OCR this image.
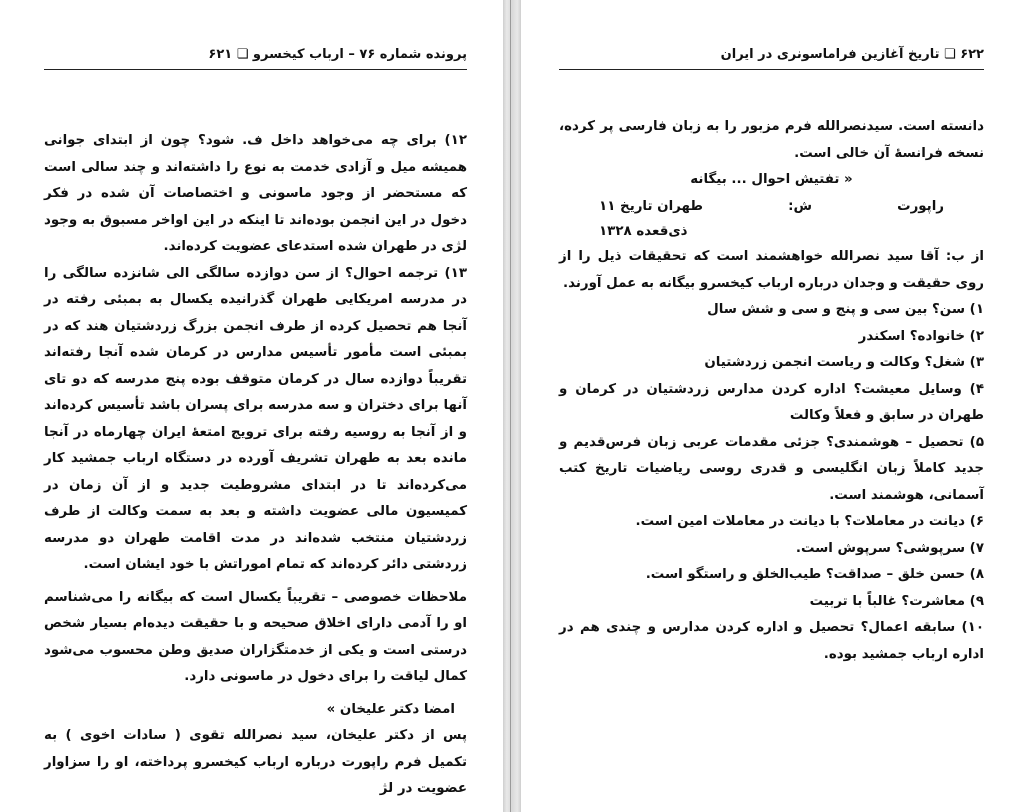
پرونده شماره ۷۶ – ارباب کیخسرو ❏ ۶۲۱

۱۲) برای چه می‌خواهد داخل ف. شود؟ چون از ابتدای جوانی همیشه میل و آزادی خدمت به نوع را داشته‌اند و چند سالی است که مستحضر از وجود ماسونی و اختصاصات آن شده در فکر دخول در این انجمن بوده‌اند تا اینکه در این اواخر مسبوق به وجود لژی در طهران شده استدعای عضویت کرده‌اند.

۱۳) ترجمه احوال؟ از سن دوازده سالگی الی شانزده سالگی را در مدرسه امریکایی طهران گذرانیده یکسال به بمبئی رفته در آنجا هم تحصیل کرده از طرف انجمن بزرگ زردشتیان هند که در بمبئی است مأمور تأسیس مدارس در کرمان شده آنجا رفته‌اند تقریباً دوازده سال در کرمان متوقف بوده پنج مدرسه که دو تای آنها برای دختران و سه مدرسه برای پسران باشد تأسیس کرده‌اند و از آنجا به روسیه رفته برای ترویج امتعهٔ ایران چهارماه در آنجا مانده بعد به طهران تشریف آورده در دستگاه ارباب جمشید کار می‌کرده‌اند تا در ابتدای مشروطیت جدید و از آن زمان در کمیسیون مالی عضویت داشته و بعد به سمت وکالت از طرف زردشتیان منتخب شده‌اند در مدت اقامت طهران دو مدرسه زردشتی دائر کرده‌اند که تمام اموراتش با خود ایشان است.

ملاحظات خصوصی – تقریباً یکسال است که بیگانه را می‌شناسم او را آدمی دارای اخلاق صحیحه و با حقیقت دیده‌ام بسیار شخص درستی است و یکی از خدمتگزاران صدیق وطن محسوب می‌شود کمال لیاقت را برای دخول در ماسونی دارد.

امضا دکتر علیخان »

پس از دکتر علیخان، سید نصرالله تقوی ( سادات اخوی ) به تکمیل فرم راپورت درباره ارباب کیخسرو پرداخته، او را سزاوار عضویت در لژ

۶۲۲ ❏ تاریخ آغازین فراماسونری در ایران

دانسته است. سیدنصرالله فرم مزبور را به زبان فارسی پر کرده، نسخه فرانسهٔ آن خالی است.

« تفتیش احوال ... بیگانه

راپورت
ش:
طهران تاریخ ۱۱
ذی‌قعده ۱۳۲۸

از ب: آقا سید نصرالله خواهشمند است که تحقیقات ذیل را از روی حقیقت و وجدان درباره ارباب کیخسرو بیگانه به عمل آورند.

۱) سن؟ بین سی و پنج و سی و شش سال
۲) خانواده؟ اسکندر
۳) شغل؟ وکالت و ریاست انجمن زردشتیان
۴) وسایل معیشت؟ اداره کردن مدارس زردشتیان در کرمان و طهران در سابق و فعلاً وکالت
۵) تحصیل – هوشمندی؟ جزئی مقدمات عربی زبان فرس‌قدیم و جدید کاملاً زبان انگلیسی و قدری روسی ریاضیات تاریخ کتب آسمانی، هوشمند است.
۶) دیانت در معاملات؟ با دیانت در معاملات امین است.
۷) سرپوشی؟ سرپوش است.
۸) حسن خلق – صداقت؟ طیب‌الخلق و راستگو است.
۹) معاشرت؟ غالباً با تربیت
۱۰) سابقه اعمال؟ تحصیل و اداره کردن مدارس و چندی هم در اداره ارباب جمشید بوده.
